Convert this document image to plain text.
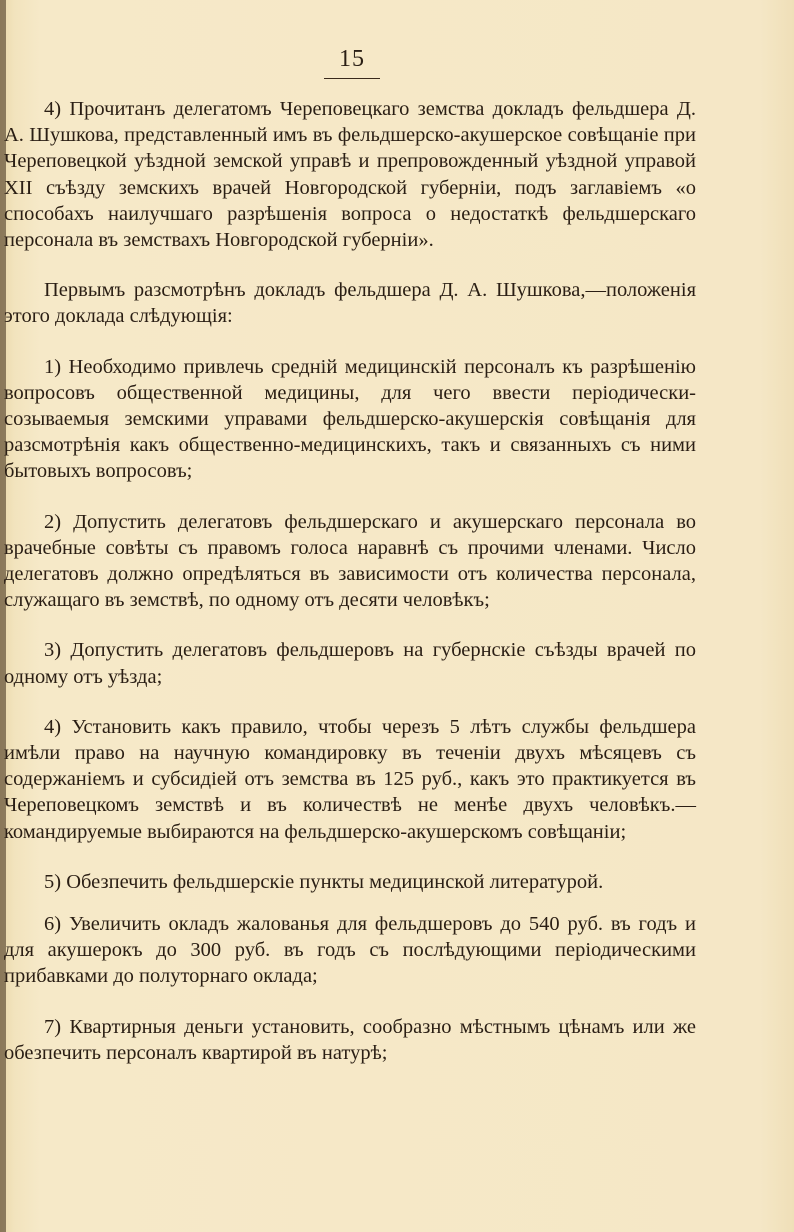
15

4) Прочитанъ делегатомъ Череповецкаго земства докладъ фельдшера Д. А. Шушкова, представленный имъ въ фельдшерско-акушерское совѣщаніе при Череповецкой уѣздной земской управѣ и препровожденный уѣздной управой XII съѣзду земскихъ врачей Новгородской губерніи, подъ заглавіемъ «о способахъ наилучшаго разрѣшенія вопроса о недостаткѣ фельдшерскаго персонала въ земствахъ Новгородской губерніи».

Первымъ разсмотрѣнъ докладъ фельдшера Д. А. Шушкова,—положенія этого доклада слѣдующія:

1) Необходимо привлечь средній медицинскій персоналъ къ разрѣшенію вопросовъ общественной медицины, для чего ввести періодически-созываемыя земскими управами фельдшерско-акушерскія совѣщанія для разсмотрѣнія какъ общественно-медицинскихъ, такъ и связанныхъ съ ними бытовыхъ вопросовъ;

2) Допустить делегатовъ фельдшерскаго и акушерскаго персонала во врачебные совѣты съ правомъ голоса наравнѣ съ прочими членами. Число делегатовъ должно опредѣляться въ зависимости отъ количества персонала, служащаго въ земствѣ, по одному отъ десяти человѣкъ;

3) Допустить делегатовъ фельдшеровъ на губернскіе съѣзды врачей по одному отъ уѣзда;

4) Установить какъ правило, чтобы черезъ 5 лѣтъ службы фельдшера имѣли право на научную командировку въ теченіи двухъ мѣсяцевъ съ содержаніемъ и субсидіей отъ земства въ 125 руб., какъ это практикуется въ Череповецкомъ земствѣ и въ количествѣ не менѣе двухъ человѣкъ.—командируемые выбираются на фельдшерско-акушерскомъ совѣщаніи;

5) Обезпечить фельдшерскіе пункты медицинской литературой.

6) Увеличить окладъ жалованья для фельдшеровъ до 540 руб. въ годъ и для акушерокъ до 300 руб. въ годъ съ послѣдующими періодическими прибавками до полуторнаго оклада;

7) Квартирныя деньги установить, сообразно мѣстнымъ цѣнамъ или же обезпечить персоналъ квартирой въ натурѣ;
